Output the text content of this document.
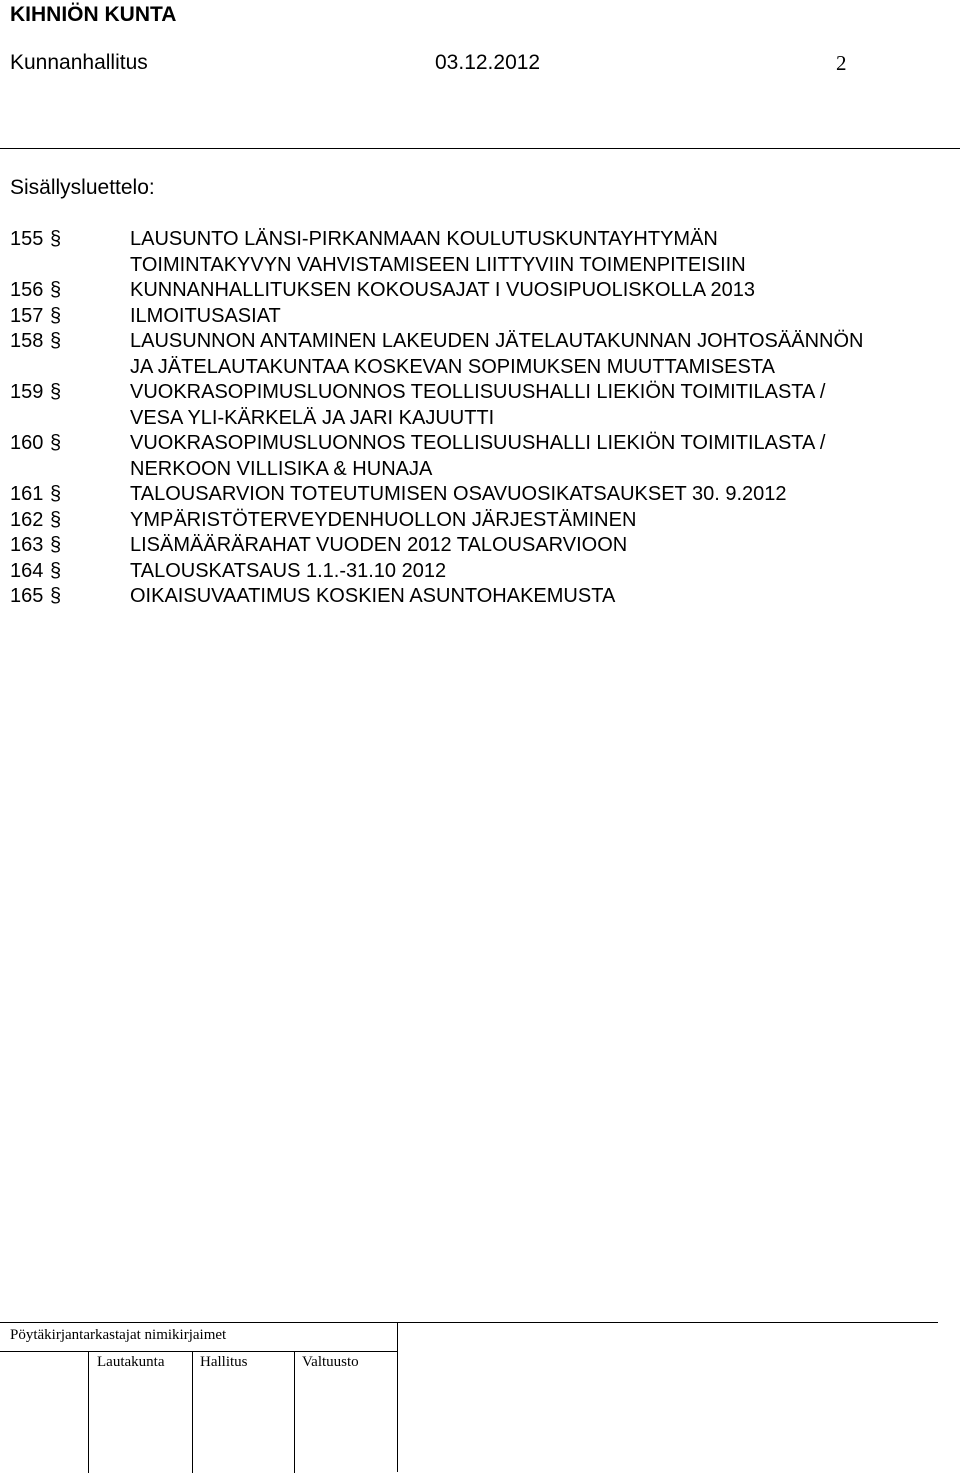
KIHNIÖN KUNTA
Kunnanhallitus	03.12.2012	2
Sisällysluettelo:
155 §	LAUSUNTO LÄNSI-PIRKANMAAN KOULUTUSKUNTAYHTYMÄN
TOIMINTAKYVYN VAHVISTAMISEEN LIITTYVIIN TOIMENPITEISIIN
156 §	KUNNANHALLITUKSEN KOKOUSAJAT I VUOSIPUOLISKOLLA 2013
157 §	ILMOITUSASIAT
158 §	LAUSUNNON ANTAMINEN LAKEUDEN JÄTELAUTAKUNNAN JOHTOSÄÄNNÖN
JA JÄTELAUTAKUNTAA KOSKEVAN SOPIMUKSEN MUUTTAMISESTA
159 §	VUOKRASOPIMUSLUONNOS TEOLLISUUSHALLI LIEKIÖN TOIMITILASTA /
VESA YLI-KÄRKELÄ JA JARI KAJUUTTI
160 §	VUOKRASOPIMUSLUONNOS TEOLLISUUSHALLI LIEKIÖN TOIMITILASTA /
NERKOON VILLISIKA & HUNAJA
161 §	TALOUSARVION TOTEUTUMISEN OSAVUOSIKATSAUKSET 30. 9.2012
162 §	YMPÄRISTÖTERVEYDENHUOLLON JÄRJESTÄMINEN
163 §	LISÄMÄÄRÄRAHAT VUODEN 2012 TALOUSARVIOON
164 §	TALOUSKATSAUS 1.1.-31.10 2012
165 §	OIKAISUVAATIMUS KOSKIEN ASUNTOHAKEMUSTA
Pöytäkirjantarkastajat nimikirjaimet
Lautakunta Hallitus	Valtuusto
